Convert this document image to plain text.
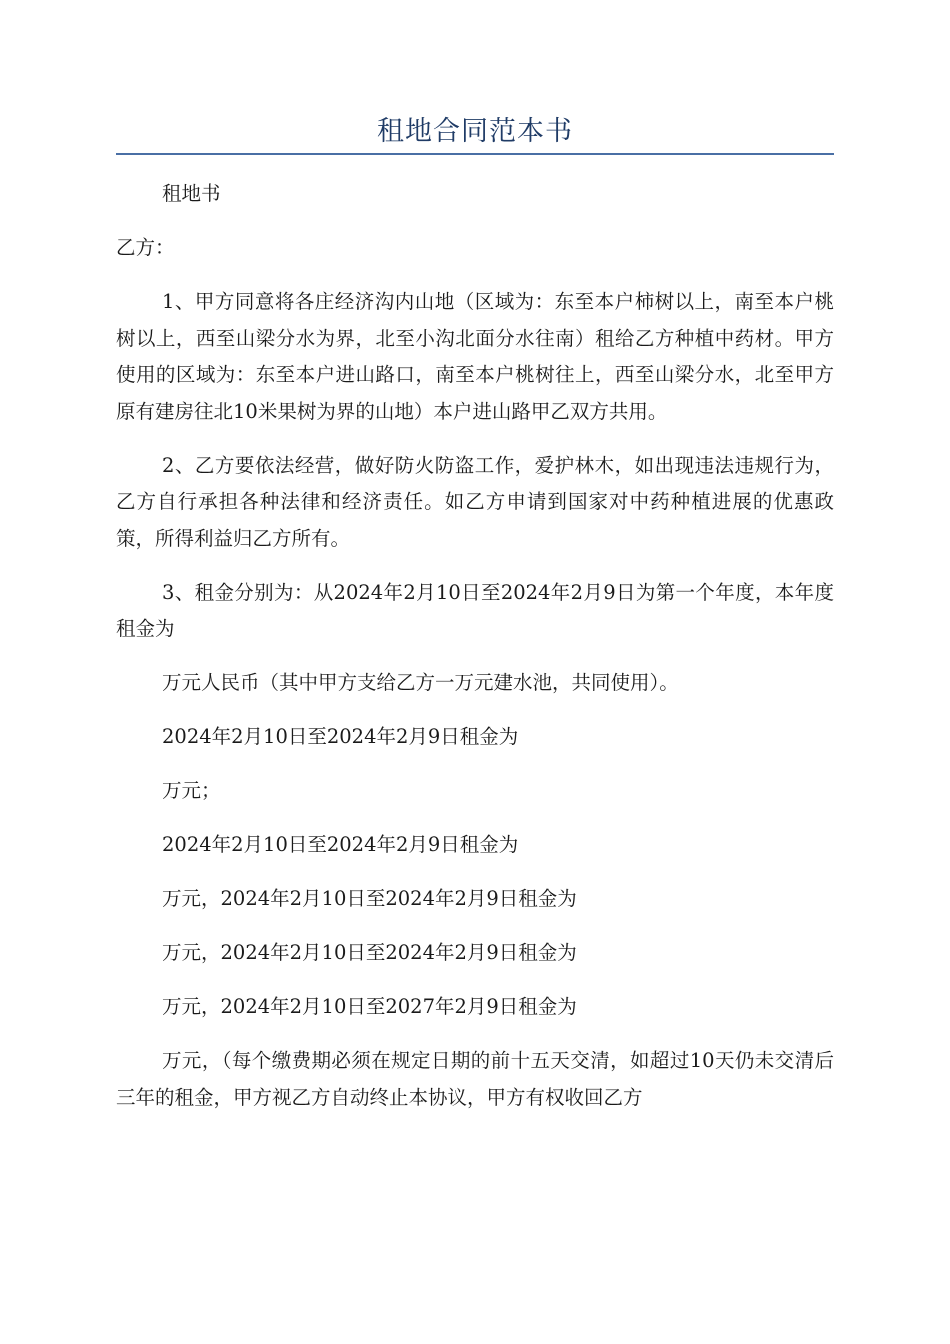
租地合同范本书

租地书

乙方：

1、甲方同意将各庄经济沟内山地（区域为：东至本户柿树以上，南至本户桃树以上，西至山梁分水为界，北至小沟北面分水往南）租给乙方种植中药材。甲方使用的区域为：东至本户进山路口，南至本户桃树往上，西至山梁分水，北至甲方原有建房往北10米果树为界的山地）本户进山路甲乙双方共用。

2、乙方要依法经营，做好防火防盗工作，爱护林木，如出现违法违规行为，乙方自行承担各种法律和经济责任。如乙方申请到国家对中药种植进展的优惠政策，所得利益归乙方所有。

3、租金分别为：从2024年2月10日至2024年2月9日为第一个年度，本年度租金为

万元人民币（其中甲方支给乙方一万元建水池，共同使用）。

2024年2月10日至2024年2月9日租金为

万元；

2024年2月10日至2024年2月9日租金为

万元，2024年2月10日至2024年2月9日租金为

万元，2024年2月10日至2024年2月9日租金为

万元，2024年2月10日至2027年2月9日租金为

万元，（每个缴费期必须在规定日期的前十五天交清，如超过10天仍未交清后三年的租金，甲方视乙方自动终止本协议，甲方有权收回乙方
